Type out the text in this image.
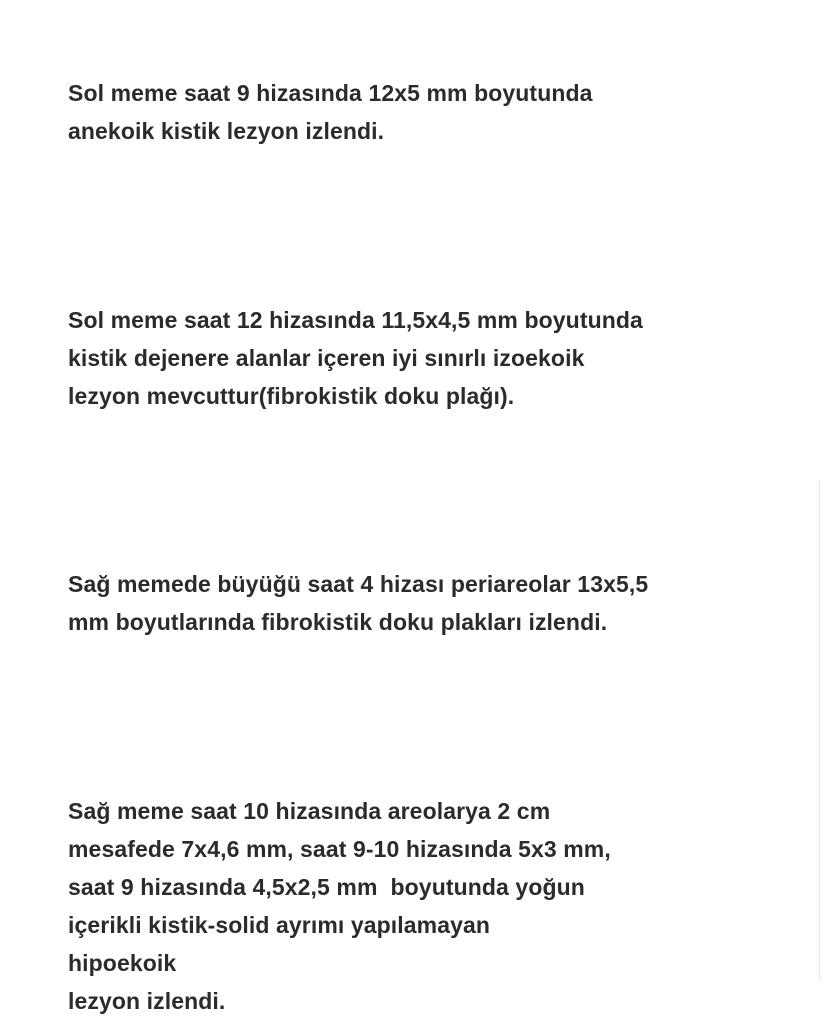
Sol meme saat 9 hizasında 12x5 mm boyutunda
anekoik kistik lezyon izlendi.
Sol meme saat 12 hizasında 11,5x4,5 mm boyutunda
kistik dejenere alanlar içeren iyi sınırlı izoekoik
lezyon mevcuttur(fibrokistik doku plağı).
Sağ memede büyüğü saat 4 hizası periareolar 13x5,5
mm boyutlarında fibrokistik doku plakları izlendi.
Sağ meme saat 10 hizasında areolarya 2 cm
mesafede 7x4,6 mm, saat 9-10 hizasında 5x3 mm,
saat 9 hizasında 4,5x2,5 mm  boyutunda yoğun
içerikli kistik-solid ayrımı yapılamayan
hipoekoik
lezyon izlendi.
